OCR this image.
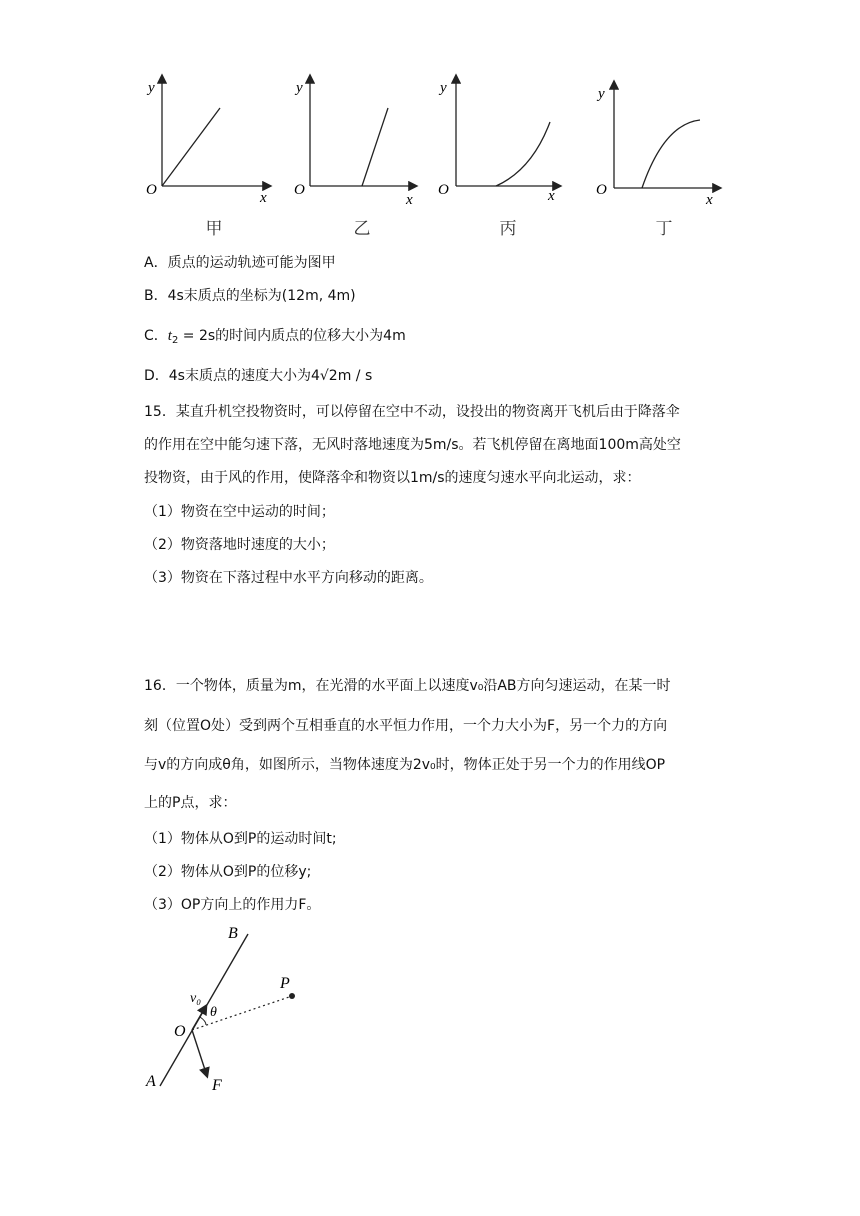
y
O	x
甲
y
O
x
乙
y
O	x
丙
y
O
x
丁
A．质点的运动轨迹可能为图甲
B．4s末质点的坐标为(12m, 4m)
C．$t_2 = 2s$的时间内质点的位移大小为4m
D．4s末质点的速度大小为4√2m / s
15．某直升机空投物资时，可以停留在空中不动，设投出的物资离开飞机后由于降落伞
的作用在空中能匀速下落，无风时落地速度为5m/s。若飞机停留在离地面100m高处空
投物资，由于风的作用，使降落伞和物资以1m/s的速度匀速水平向北运动，求：
（1）物资在空中运动的时间；
（2）物资落地时速度的大小；
（3）物资在下落过程中水平方向移动的距离。
16．一个物体，质量为m，在光滑的水平面上以速度v₀沿AB方向匀速运动，在某一时
刻（位置O处）受到两个互相垂直的水平恒力作用，一个力大小为F，另一个力的方向
与v的方向成θ角，如图所示，当物体速度为2v₀时，物体正处于另一个力的作用线OP
上的P点，求：
（1）物体从O到P的运动时间t;
（2）物体从O到P的位移y;
（3）OP方向上的作用力F。
B
P
v₀
θ
O
A	F
